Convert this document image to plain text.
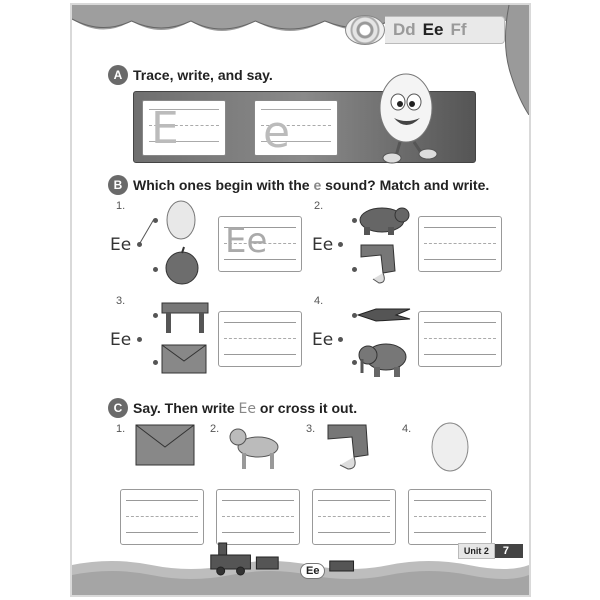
Dd Ee Ff
A Trace, write, and say.
E e
B Which ones begin with the e sound? Match and write.
1.
Ee	Ee
2.
Ee
3.
Ee
4.
Ee
C Say. Then write Ee or cross it out.
1.	2.	3.	4.
Ee
Unit 2	7
